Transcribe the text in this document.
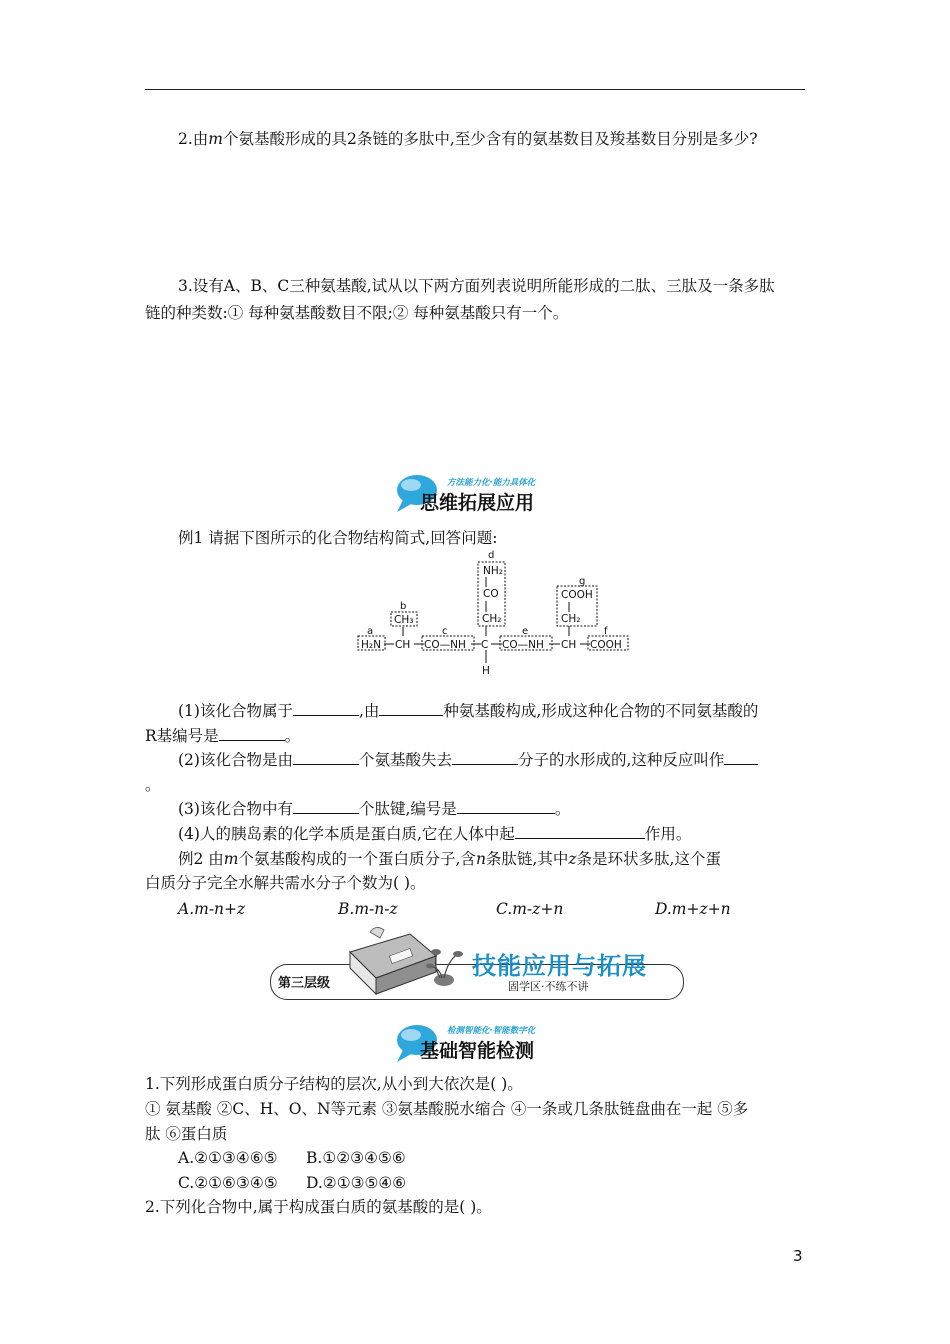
2.由m个氨基酸形成的具2条链的多肽中,至少含有的氨基数目及羧基数目分别是多少?
3.设有A、B、C三种氨基酸,试从以下两方面列表说明所能形成的二肽、三肽及一条多肽
链的种类数:① 每种氨基酸数目不限;② 每种氨基酸只有一个。
方法能力化·能力具体化
思维拓展应用
例1 请据下图所示的化合物结构简式,回答问题:
a
b
c
d
e	f
g
H₂N CH CO—NH C CO—NH CH COOH
CH₃
NH₂
CO
CH₂
H
COOH
CH₂
(1)该化合物属于	,由	种氨基酸构成,形成这种化合物的不同氨基酸的
R基编号是	。
(2)该化合物是由	个氨基酸失去	分子的水形成的,这种反应叫作
。
(3)该化合物中有	个肽键,编号是	。
(4)人的胰岛素的化学本质是蛋白质,它在人体中起	作用。
例2 由m个氨基酸构成的一个蛋白质分子,含n条肽链,其中z条是环状多肽,这个蛋
白质分子完全水解共需水分子个数为( )。
A.m-n+z	B.m-n-z	C.m-z+n	D.m+z+n
第三层级
技能应用与拓展
固学区·不练不讲
检测智能化·智能数字化
基础智能检测
1.下列形成蛋白质分子结构的层次,从小到大依次是( )。
① 氨基酸 ②C、H、O、N等元素 ③氨基酸脱水缩合 ④一条或几条肽链盘曲在一起 ⑤多
肽 ⑥蛋白质
A.②①③④⑥⑤ B.①②③④⑤⑥
C.②①⑥③④⑤ D.②①③⑤④⑥
2.下列化合物中,属于构成蛋白质的氨基酸的是( )。
3
